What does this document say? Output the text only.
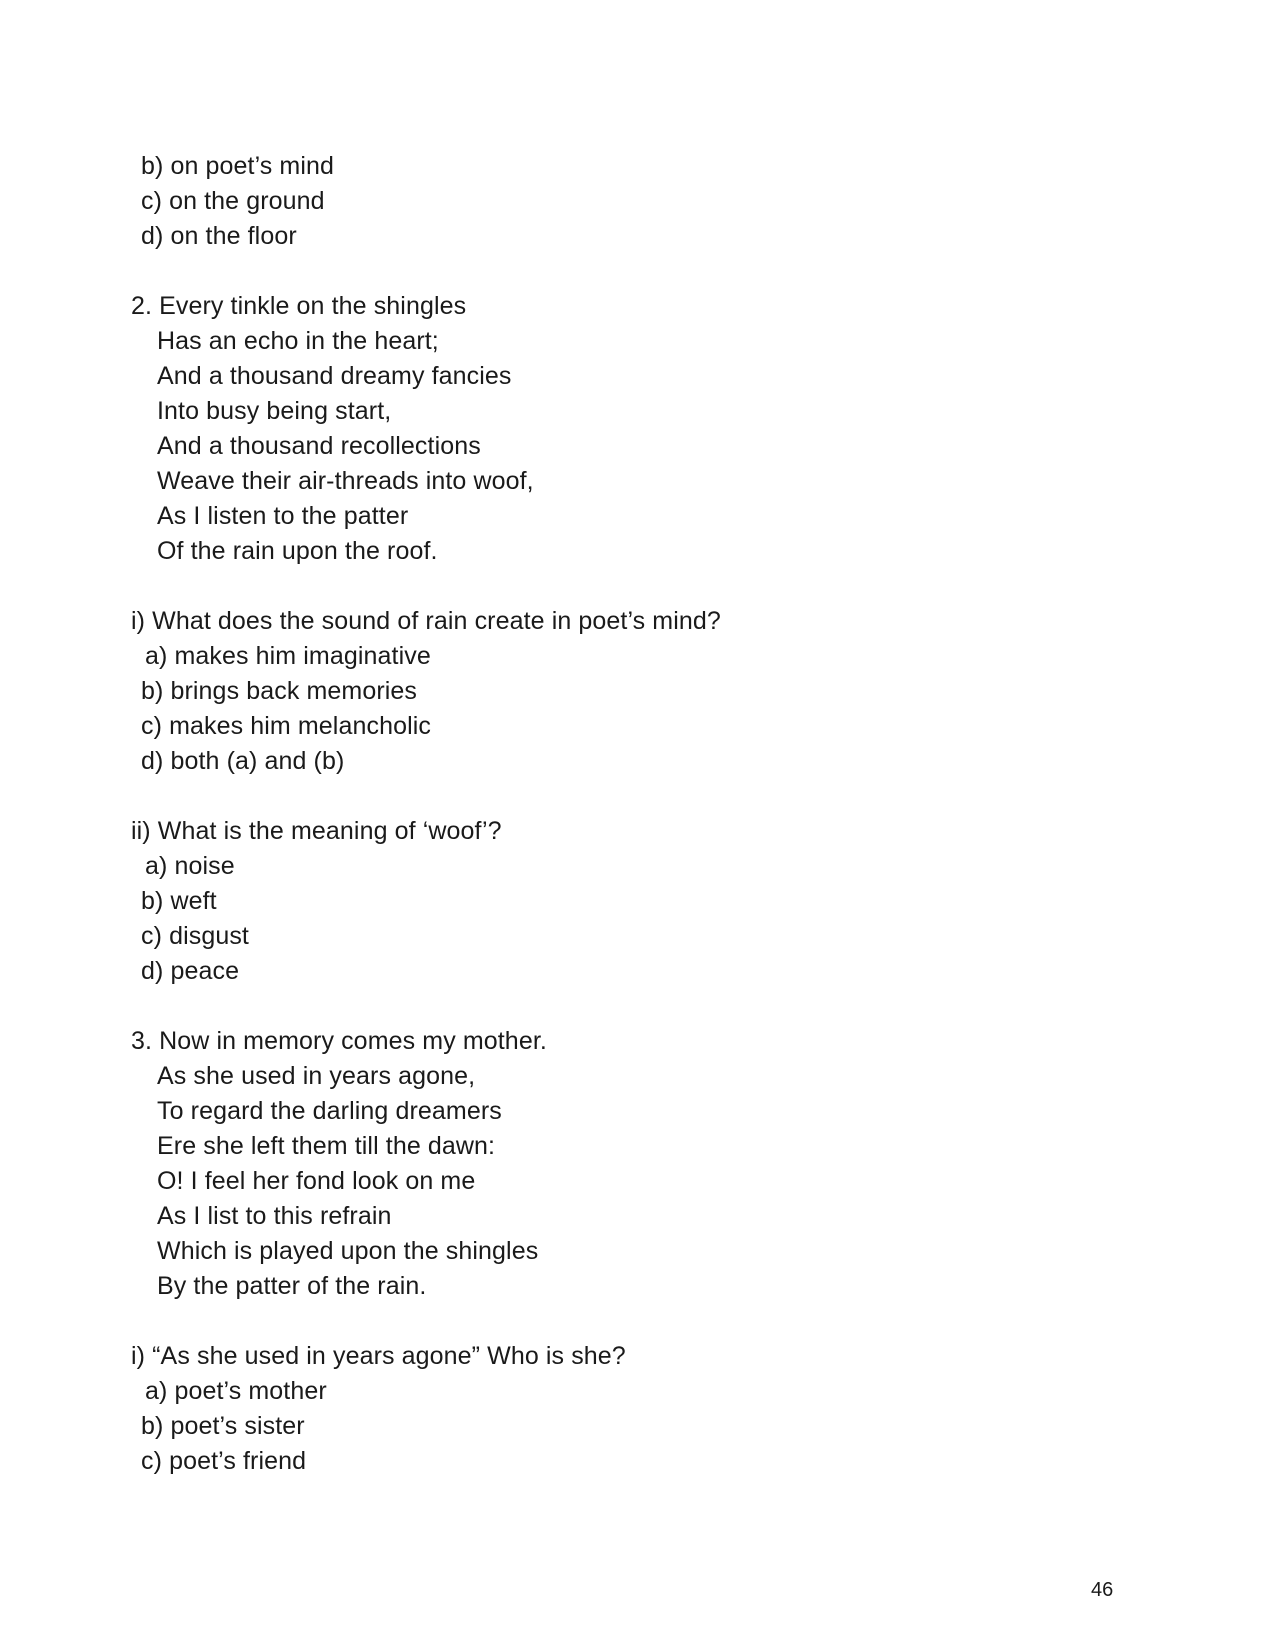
b) on poet’s mind
c) on the ground
d) on the floor
2. Every tinkle on the shingles
Has an echo in the heart;
And a thousand dreamy fancies
Into busy being start,
And a thousand recollections
Weave their air-threads into woof,
As I listen to the patter
Of the rain upon the roof.
i) What does the sound of rain create in poet’s mind?
a) makes him imaginative
b) brings back memories
c) makes him melancholic
d) both (a) and (b)
ii) What is the meaning of ‘woof’?
a) noise
b) weft
c) disgust
d) peace
3. Now in memory comes my mother.
As she used in years agone,
To regard the darling dreamers
Ere she left them till the dawn:
O! I feel her fond look on me
As I list to this refrain
Which is played upon the shingles
By the patter of the rain.
i) “As she used in years agone” Who is she?
a) poet’s mother
b) poet’s sister
c) poet’s friend
46
